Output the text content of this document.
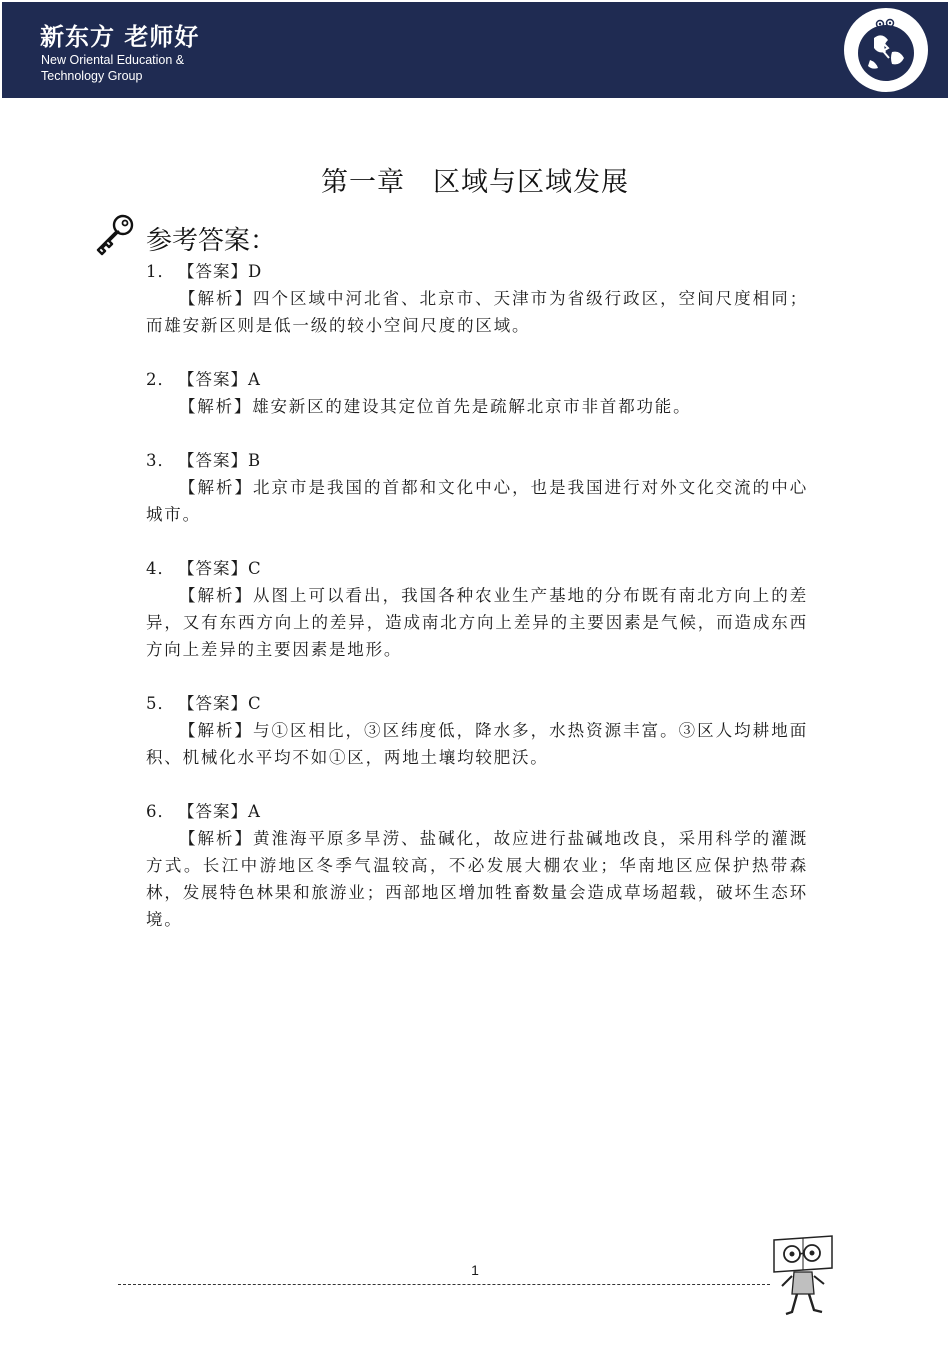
新东方 老师好
New Oriental Education & Technology Group
第一章　区域与区域发展
参考答案：
1． 【答案】D

【解析】四个区域中河北省、北京市、天津市为省级行政区，空间尺度相同；而雄安新区则是低一级的较小空间尺度的区域。

2． 【答案】A

【解析】雄安新区的建设其定位首先是疏解北京市非首都功能。

3． 【答案】B

【解析】北京市是我国的首都和文化中心，也是我国进行对外文化交流的中心城市。

4． 【答案】C

【解析】从图上可以看出，我国各种农业生产基地的分布既有南北方向上的差异，又有东西方向上的差异，造成南北方向上差异的主要因素是气候，而造成东西方向上差异的主要因素是地形。

5． 【答案】C

【解析】与①区相比，③区纬度低，降水多，水热资源丰富。③区人均耕地面积、机械化水平均不如①区，两地土壤均较肥沃。

6． 【答案】A

【解析】黄淮海平原多旱涝、盐碱化，故应进行盐碱地改良，采用科学的灌溉方式。长江中游地区冬季气温较高，不必发展大棚农业；华南地区应保护热带森林，发展特色林果和旅游业；西部地区增加牲畜数量会造成草场超载，破坏生态环境。

1
